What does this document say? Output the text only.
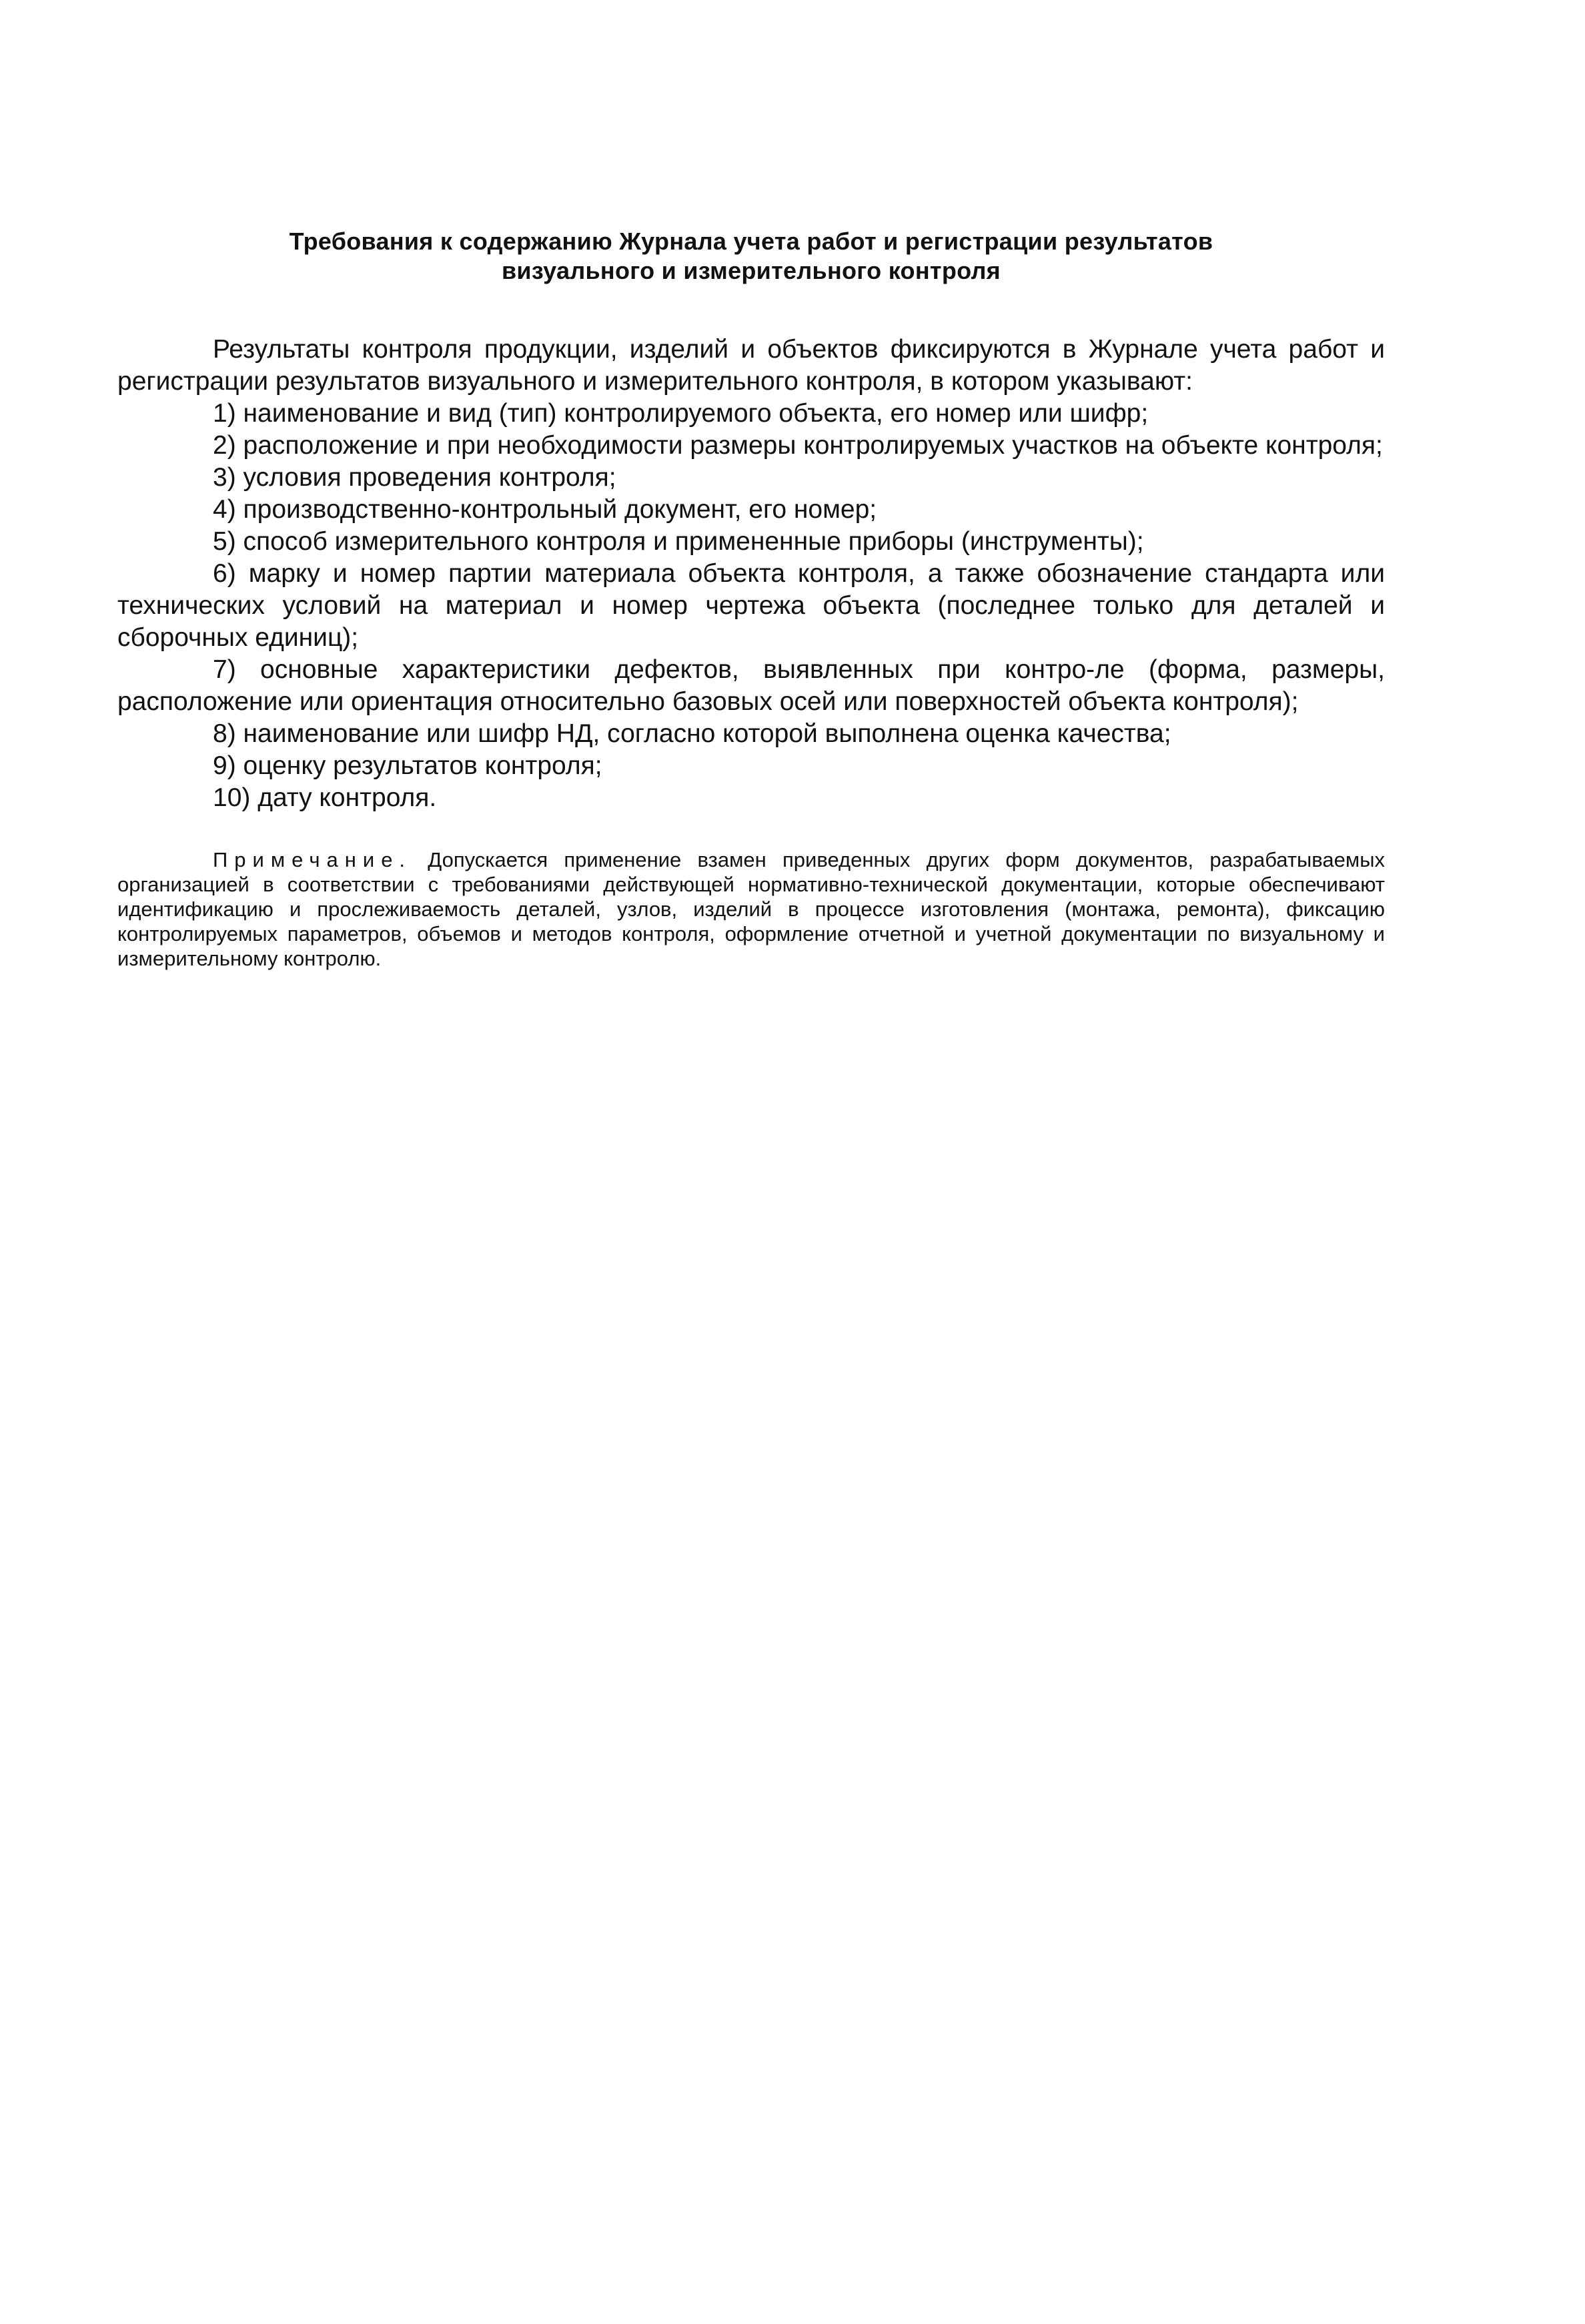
Требования к содержанию Журнала учета работ и регистрации результатов
визуального и измерительного контроля

Результаты контроля продукции, изделий и объектов фиксируются в Журнале учета работ и регистрации результатов визуального и измерительного контроля, в котором указывают:

1) наименование и вид (тип) контролируемого объекта, его номер или шифр;
2) расположение и при необходимости размеры контролируемых участков на объекте контроля;
3) условия проведения контроля;
4) производственно-контрольный документ, его номер;
5) способ измерительного контроля и примененные приборы (инструменты);
6) марку и номер партии материала объекта контроля, а также обозначение стандарта или технических условий на материал и номер чертежа объекта (последнее только для деталей и сборочных единиц);
7) основные характеристики дефектов, выявленных при контро-ле (форма, размеры, расположение или ориентация относительно базовых осей или поверхностей объекта контроля);
8) наименование или шифр НД, согласно которой выполнена оценка качества;
9) оценку результатов контроля;
10) дату контроля.

Примечание. Допускается применение взамен приведенных других форм документов, разрабатываемых организацией в соответствии с требованиями действующей нормативно-технической документации, которые обеспечивают идентификацию и прослеживаемость деталей, узлов, изделий в процессе изготовления (монтажа, ремонта), фиксацию контролируемых параметров, объемов и методов контроля, оформление отчетной и учетной документации по визуальному и измерительному контролю.
